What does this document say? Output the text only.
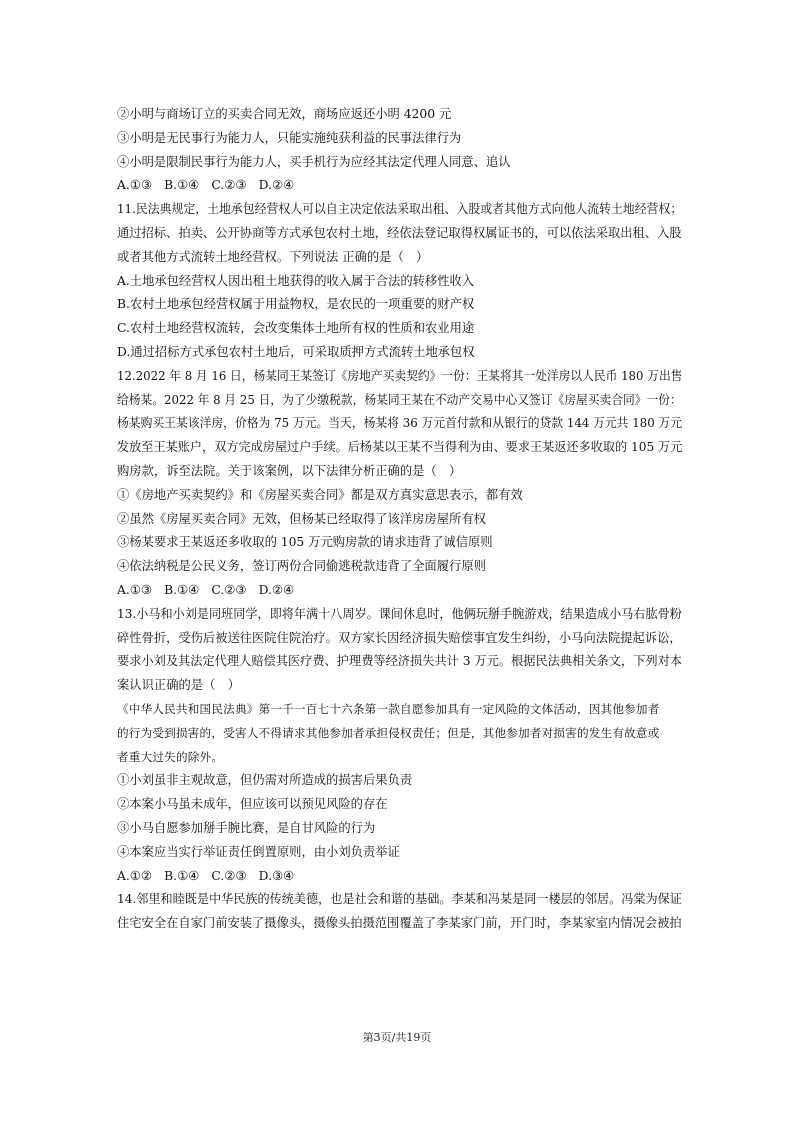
②小明与商场订立的买卖合同无效，商场应返还小明 4200 元
③小明是无民事行为能力人，只能实施纯获利益的民事法律行为
④小明是限制民事行为能力人，买手机行为应经其法定代理人同意、追认
A.①③　B.①④　C.②③　D.②④
11.民法典规定，土地承包经营权人可以自主决定依法采取出租、入股或者其他方式向他人流转土地经营权；
通过招标、拍卖、公开协商等方式承包农村土地，经依法登记取得权属证书的，可以依法采取出租、入股
或者其他方式流转土地经营权。下列说法 正确的是（　）
A.土地承包经营权人因出租土地获得的收入属于合法的转移性收入
B.农村土地承包经营权属于用益物权，是农民的一项重要的财产权
C.农村土地经营权流转，会改变集体土地所有权的性质和农业用途
D.通过招标方式承包农村土地后，可采取质押方式流转土地承包权
12.2022 年 8 月 16 日，杨某同王某签订《房地产买卖契约》一份：王某将其一处洋房以人民币 180 万出售
给杨某。2022 年 8 月 25 日，为了少缴税款，杨某同王某在不动产交易中心又签订《房屋买卖合同》一份：
杨某购买王某该洋房，价格为 75 万元。当天，杨某将 36 万元首付款和从银行的贷款 144 万元共 180 万元
发放至王某账户，双方完成房屋过户手续。后杨某以王某不当得利为由、要求王某返还多收取的 105 万元
购房款，诉至法院。关于该案例，以下法律分析正确的是（　）
①《房地产买卖契约》和《房屋买卖合同》都是双方真实意思表示，都有效
②虽然《房屋买卖合同》无效，但杨某已经取得了该洋房房屋所有权
③杨某要求王某返还多收取的 105 万元购房款的请求违背了诚信原则
④依法纳税是公民义务，签订两份合同偷逃税款违背了全面履行原则
A.①③　B.①④　C.②③　D.②④
13.小马和小刘是同班同学，即将年满十八周岁。课间休息时，他俩玩掰手腕游戏，结果造成小马右肱骨粉
碎性骨折，受伤后被送往医院住院治疗。双方家长因经济损失赔偿事宜发生纠纷，小马向法院提起诉讼，
要求小刘及其法定代理人赔偿其医疗费、护理费等经济损失共计 3 万元。根据民法典相关条文，下列对本
案认识正确的是（　）
《中华人民共和国民法典》第一千一百七十六条第一款自愿参加具有一定风险的文体活动，因其他参加者
的行为受到损害的，受害人不得请求其他参加者承担侵权责任；但是，其他参加者对损害的发生有故意或
者重大过失的除外。
①小刘虽非主观故意，但仍需对所造成的损害后果负责
②本案小马虽未成年，但应该可以预见风险的存在
③小马自愿参加掰手腕比赛，是自甘风险的行为
④本案应当实行举证责任倒置原则，由小刘负责举证
A.①②　B.①④　C.②③　D.③④
14.邻里和睦既是中华民族的传统美德，也是社会和谐的基础。李某和冯某是同一楼层的邻居。冯棠为保证
住宅安全在自家门前安装了摄像头，摄像头拍摄范围覆盖了李某家门前，开门时，李某家室内情况会被拍
第3页/共19页
